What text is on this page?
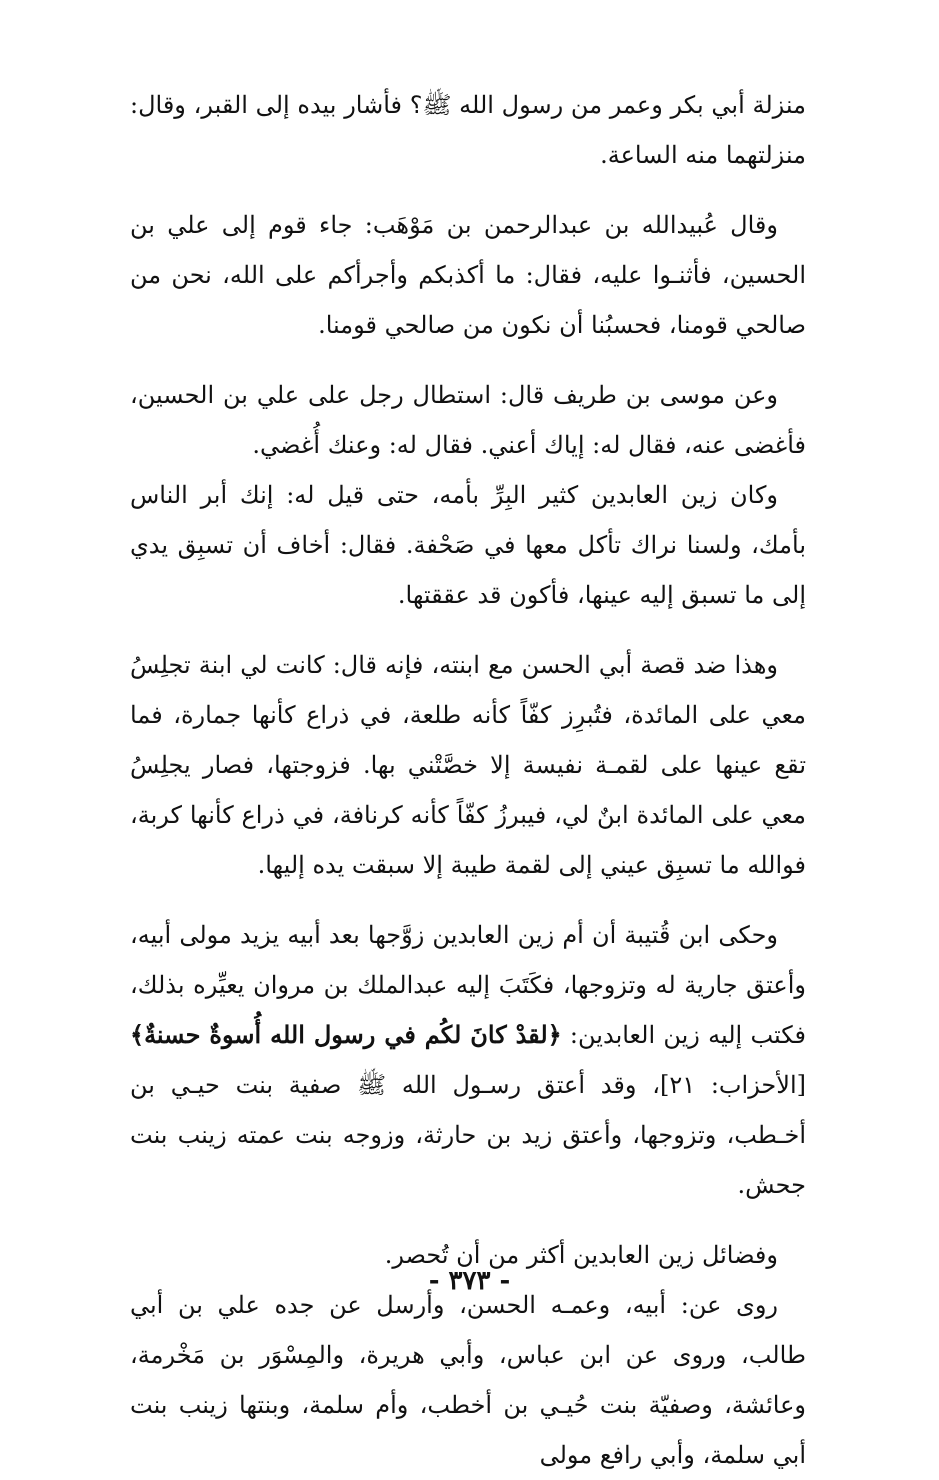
منزلة أبي بكر وعمر من رسول الله ﷺ؟ فأشار بيده إلى القبر، وقال: منزلتهما منه الساعة.

وقال عُبيدالله بن عبدالرحمن بن مَوْهَب: جاء قوم إلى علي بن الحسين، فأثنـوا عليه، فقال: ما أكذبكم وأجرأكم على الله، نحن من صالحي قومنا، فحسبُنا أن نكون من صالحي قومنا.

وعن موسى بن طريف قال: استطال رجل على علي بن الحسين، فأغضى عنه، فقال له: إياك أعني. فقال له: وعنك أُغضي.

وكان زين العابدين كثير البِرِّ بأمه، حتى قيل له: إنك أبر الناس بأمك، ولسنا نراك تأكل معها في صَحْفة. فقال: أخاف أن تسبِق يدي إلى ما تسبق إليه عينها، فأكون قد عققتها.

وهذا ضد قصة أبي الحسن مع ابنته، فإنه قال: كانت لي ابنة تجلِسُ معي على المائدة، فتُبرِز كفّاً كأنه طلعة، في ذراع كأنها جمارة، فما تقع عينها على لقمـة نفيسة إلا خصَّتْني بها. فزوجتها، فصار يجلِسُ معي على المائدة ابنٌ لي، فيبرزُ كفّاً كأنه كرنافة، في ذراع كأنها كربة، فوالله ما تسبِق عيني إلى لقمة طيبة إلا سبقت يده إليها.

وحكى ابن قُتيبة أن أم زين العابدين زوَّجها بعد أبيه يزيد مولى أبيه، وأعتق جارية له وتزوجها، فكَتَبَ إليه عبدالملك بن مروان يعيِّره بذلك، فكتب إليه زين العابدين: ﴿لقدْ كانَ لكُم في رسول الله أُسوةٌ حسنةٌ﴾ [الأحزاب: ٢١]، وقد أعتق رسـول الله ﷺ صفية بنت حيـي بن أخـطب، وتزوجها، وأعتق زيد بن حارثة، وزوجه بنت عمته زينب بنت جحش.

وفضائل زين العابدين أكثر من أن تُحصر.

روى عن: أبيه، وعمـه الحسن، وأرسل عن جده علي بن أبي طالب، وروى عن ابن عباس، وأبي هريرة، والمِسْوَر بن مَخْرمة، وعائشة، وصفيّة بنت حُيـي بن أخطب، وأم سلمة، وبنتها زينب بنت أبي سلمة، وأبي رافع مولى

- ٣٧٣ -
